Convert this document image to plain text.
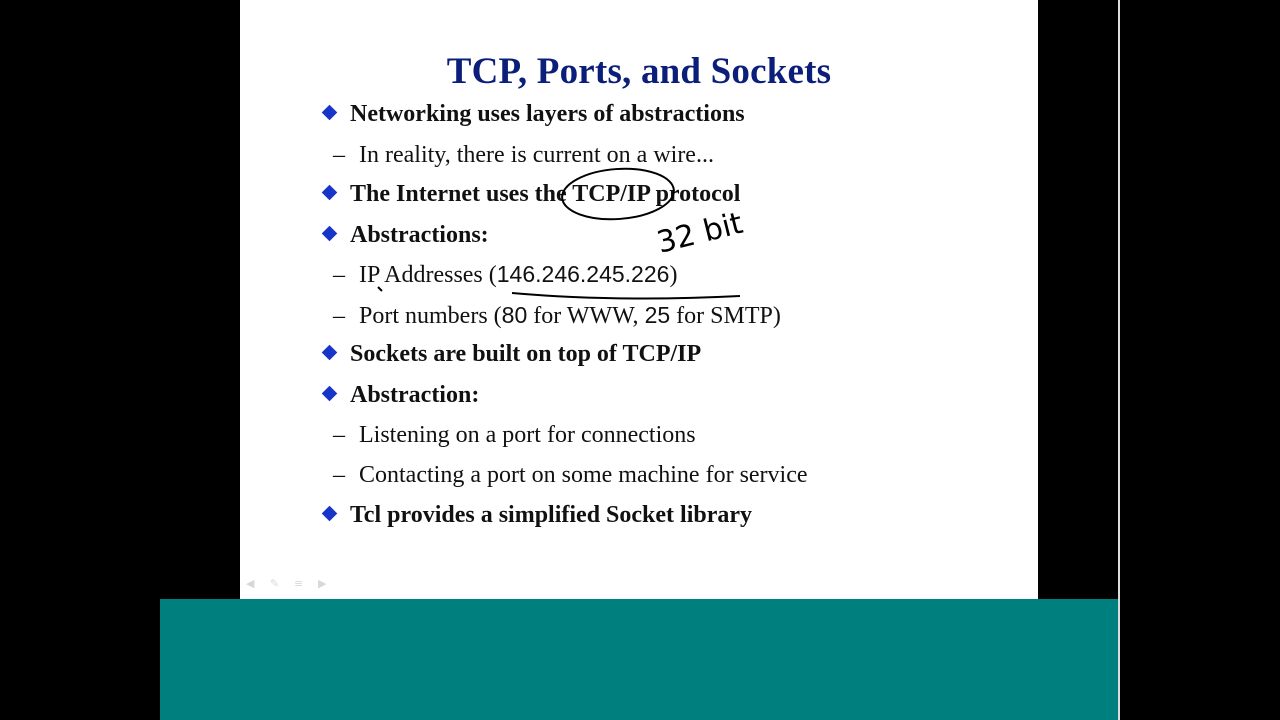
TCP, Ports, and Sockets
Networking uses layers of abstractions
– In reality, there is current on a wire...
The Internet uses the TCP/IP protocol
Abstractions:
– IP Addresses (146.246.245.226)
– Port numbers (80 for WWW, 25 for SMTP)
Sockets are built on top of TCP/IP
Abstraction:
– Listening on a port for connections
– Contacting a port on some machine for service
Tcl provides a simplified Socket library
32 bit
◀	✎	≡	▶
